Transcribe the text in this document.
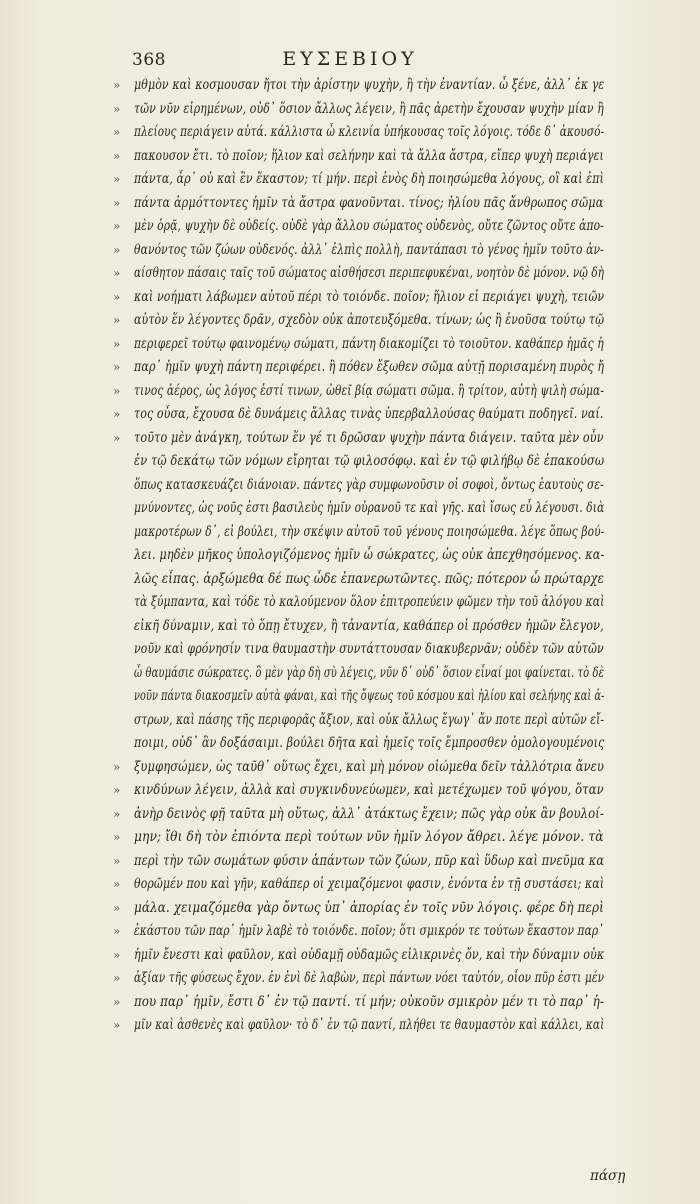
368	ΕΥΣΕΒΙΟΥ
» μθμὸν καὶ κοσμουσαν ἤτοι τὴν ἀρίστην ψυχὴν, ἢ τὴν ἐναντίαν. ὦ ξένε, ἀλλ᾽ ἐκ γε
» τῶν νῦν εἰρημένων, οὐδ᾽ ὅσιον ἄλλως λέγειν, ἢ πᾶς ἀρετὴν ἔχουσαν ψυχὴν μίαν ἢ
» πλείους περιάγειν αὐτά. κάλλιστα ὦ κλεινία ὑπήκουσας τοῖς λόγοις. τόδε δ᾽ ἀκουσό-
» πακουσον ἔτι. τὸ ποῖον; ἥλιον καὶ σελήνην καὶ τὰ ἄλλα ἄστρα, εἴπερ ψυχὴ περιάγει
» πάντα, ἆρ᾽ οὐ καὶ ἓν ἕκαστον; τί μήν. περὶ ἑνὸς δὴ ποιησώμεθα λόγους, οἳ καὶ ἐπὶ
» πάντα ἀρμόττοντες ἡμῖν τὰ ἄστρα φανοῦνται. τίνος; ἡλίου πᾶς ἄνθρωπος σῶμα
» μὲν ὁρᾷ, ψυχὴν δὲ οὐδείς. οὐδὲ γὰρ ἄλλου σώματος οὐδενὸς, οὔτε ζῶντος οὔτε ἀπο-
» θανόντος τῶν ζώων οὐδενός. ἀλλ᾽ ἐλπὶς πολλὴ, παντάπασι τὸ γένος ἡμῖν τοῦτο ἀν-
» αίσθητον πάσαις ταῖς τοῦ σώματος αἰσθήσεσι περιπεφυκέναι, νοητὸν δὲ μόνον. νῷ δὴ
» καὶ νοήματι λάβωμεν αὐτοῦ πέρι τὸ τοιόνδε. ποῖον; ἥλιον εἰ περιάγει ψυχὴ, τειῶν
» αὐτὸν ἕν λέγοντες δρᾶν, σχεδὸν οὐκ ἀποτευξόμεθα. τίνων; ὡς ἢ ἐνοῦσα τούτῳ τῷ
» περιφερεῖ τούτῳ φαινομένῳ σώματι, πάντη διακομίζει τὸ τοιοῦτον. καθάπερ ἡμᾶς ἡ
» παρ᾽ ἡμῖν ψυχὴ πάντη περιφέρει. ἢ πόθεν ἔξωθεν σῶμα αὐτῇ πορισαμένη πυρὸς ἤ
» τινος ἀέρος, ὡς λόγος ἐστί τινων, ὠθεῖ βίᾳ σώματι σῶμα. ἢ τρίτον, αὐτὴ ψιλὴ σώμα-
» τος οὖσα, ἔχουσα δὲ δυνάμεις ἄλλας τινὰς ὑπερβαλλούσας θαύματι ποδηγεῖ. ναί.
» τοῦτο μὲν ἀνάγκη, τούτων ἕν γέ τι δρῶσαν ψυχὴν πάντα διάγειν. ταῦτα μὲν οὖν
ἐν τῷ δεκάτῳ τῶν νόμων εἴρηται τῷ φιλοσόφῳ. καὶ ἐν τῷ φιλήβῳ δὲ ἐπακούσω
ὅπως κατασκευάζει διάνοιαν. πάντες γὰρ συμφωνοῦσιν οἱ σοφοὶ, ὄντως ἑαυτοὺς σε-
μνύνοντες, ὡς νοῦς ἐστι βασιλεὺς ἡμῖν οὐρανοῦ τε καὶ γῆς. καὶ ἴσως εὖ λέγουσι. διὰ
μακροτέρων δ᾽, εἰ βούλει, τὴν σκέψιν αὐτοῦ τοῦ γένους ποιησώμεθα. λέγε ὅπως βού-
λει. μηδὲν μῆκος ὑπολογιζόμενος ἡμῖν ὦ σώκρατες, ὡς οὐκ ἀπεχθησόμενος. κα-
λῶς εἶπας. ἀρξώμεθα δέ πως ὧδε ἐπανερωτῶντες. πῶς; πότερον ὦ πρώταρχε
τὰ ξύμπαντα, καὶ τόδε τὸ καλούμενον ὅλον ἐπιτροπεύειν φῶμεν τὴν τοῦ ἀλόγου καὶ
εἰκῆ δύναμιν, καὶ τὸ ὅπῃ ἔτυχεν, ἢ τἀναντία, καθάπερ οἱ πρόσθεν ἡμῶν ἔλεγον,
νοῦν καὶ φρόνησίν τινα θαυμαστὴν συντάττουσαν διακυβερνᾶν; οὐδὲν τῶν αὐτῶν
ὦ θαυμάσιε σώκρατες. ὃ μὲν γὰρ δὴ σὺ λέγεις, νῦν δ᾽ οὐδ᾽ ὅσιον εἶναί μοι φαίνεται. τὸ δὲ
νοῦν πάντα διακοσμεῖν αὐτὰ φάναι, καὶ τῆς ὄψεως τοῦ κόσμου καὶ ἡλίου καὶ σελήνης καὶ ἀ-
στρων, καὶ πάσης τῆς περιφορᾶς ἄξιον, καὶ οὐκ ἄλλως ἔγωγ᾽ ἄν ποτε περὶ αὐτῶν εἴ-
ποιμι, οὐδ᾽ ἂν δοξάσαιμι. βούλει δῆτα καὶ ἡμεῖς τοῖς ἔμπροσθεν ὁμολογουμένοις
» ξυμφησώμεν, ὡς ταῦθ᾽ οὕτως ἔχει, καὶ μὴ μόνον οἰώμεθα δεῖν τἀλλότρια ἄνευ
» κινδύνων λέγειν, ἀλλὰ καὶ συγκινδυνεύωμεν, καὶ μετέχωμεν τοῦ ψόγου, ὅταν
» ἀνὴρ δεινὸς φῇ ταῦτα μὴ οὕτως, ἀλλ᾽ ἀτάκτως ἔχειν; πῶς γὰρ οὐκ ἂν βουλοί-
» μην; ἴθι δὴ τὸν ἐπιόντα περὶ τούτων νῦν ἡμῖν λόγον ἄθρει. λέγε μόνον. τὰ
» περὶ τὴν τῶν σωμάτων φύσιν ἁπάντων τῶν ζώων, πῦρ καὶ ὕδωρ καὶ πνεῦμα κα
» θορῶμέν που καὶ γῆν, καθάπερ οἱ χειμαζόμενοι φασιν, ἐνόντα ἐν τῇ συστάσει; καὶ
» μάλα. χειμαζόμεθα γὰρ ὄντως ὑπ᾽ ἀπορίας ἐν τοῖς νῦν λόγοις. φέρε δὴ περὶ
» ἑκάστου τῶν παρ᾽ ἡμῖν λαβὲ τὸ τοιόνδε. ποῖον; ὅτι σμικρόν τε τούτων ἕκαστον παρ᾽
» ἡμῖν ἔνεστι καὶ φαῦλον, καὶ οὐδαμῇ οὐδαμῶς εἰλικρινὲς ὄν, καὶ τὴν δύναμιν οὐκ
» ἀξίαν τῆς φύσεως ἔχον. ἐν ἑνὶ δὲ λαβὼν, περὶ πάντων νόει ταὐτόν, οἷον πῦρ ἐστι μέν
» που παρ᾽ ἡμῖν, ἔστι δ᾽ ἐν τῷ παντί. τί μήν; οὐκοῦν σμικρὸν μέν τι τὸ παρ᾽ ἡ-
» μῖν καὶ ἀσθενὲς καὶ φαῦλον· τὸ δ᾽ ἐν τῷ παντί, πλήθει τε θαυμαστὸν καὶ κάλλει, καὶ
πάσῃ
